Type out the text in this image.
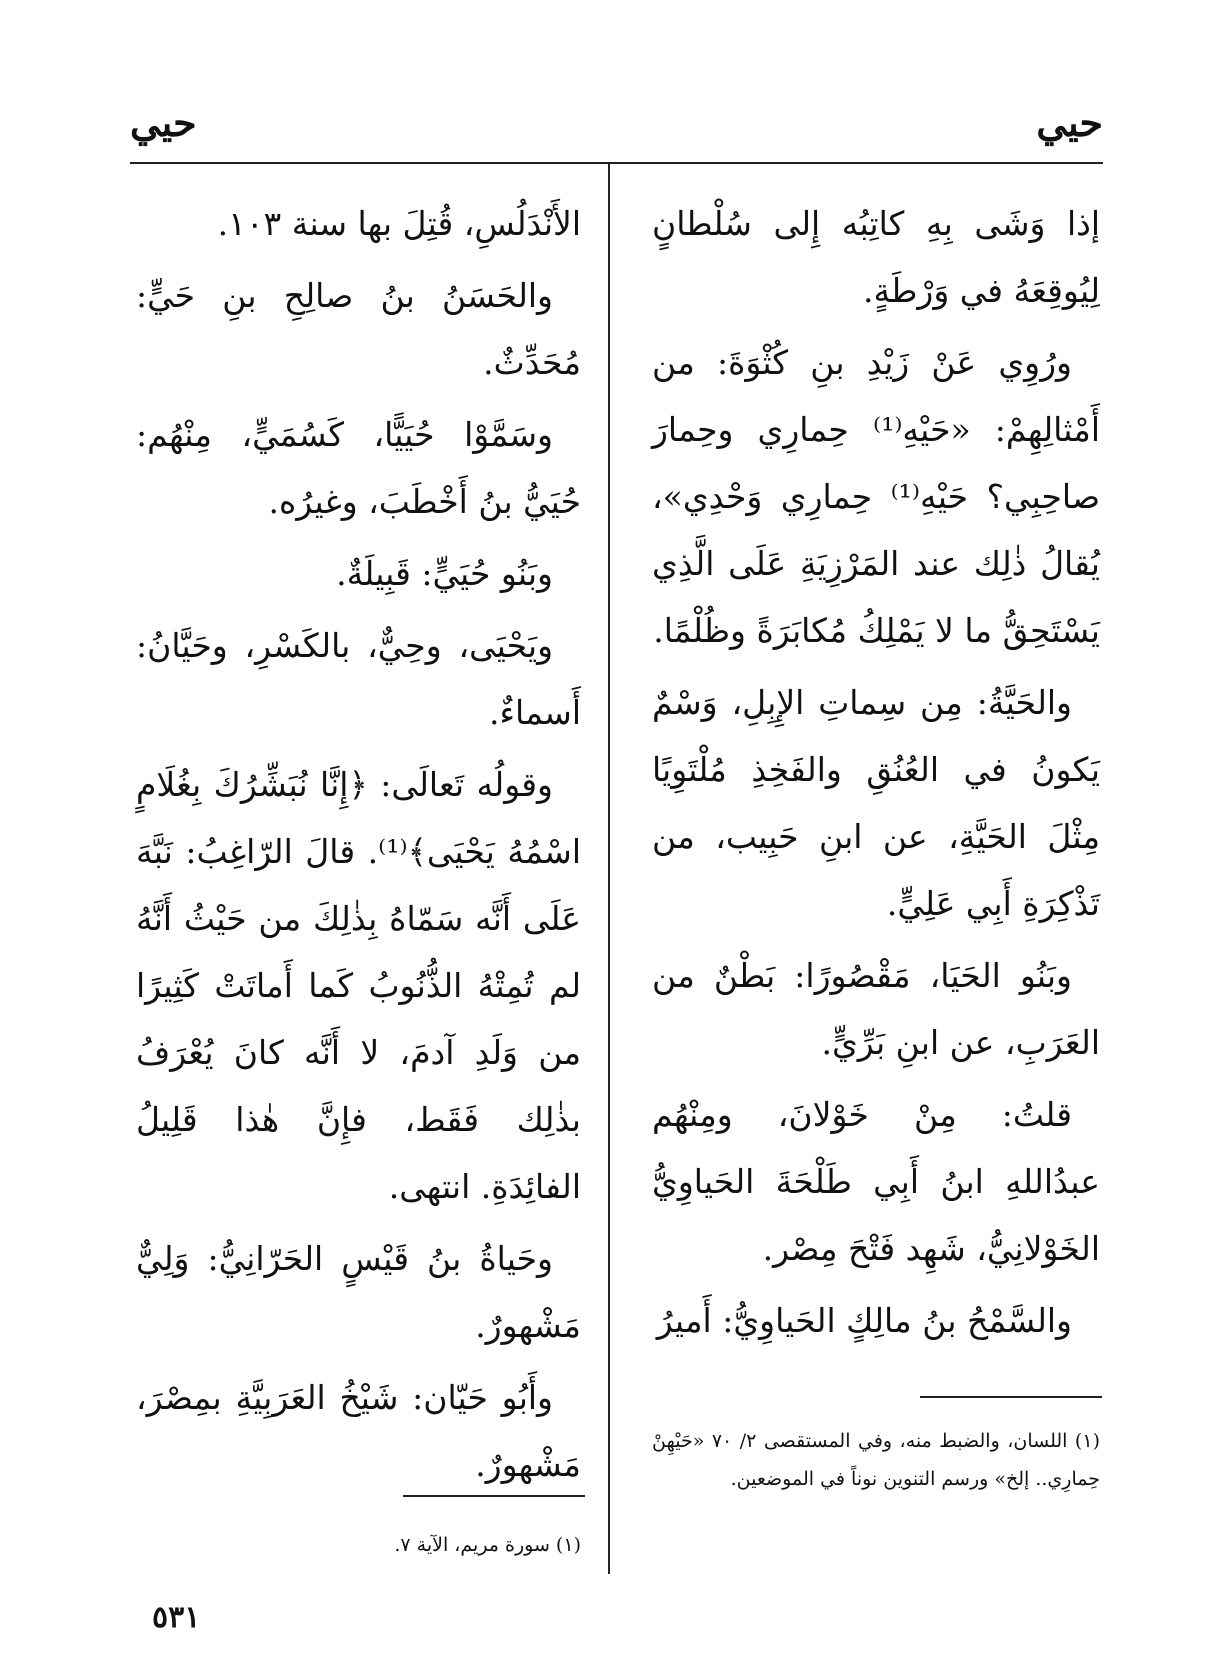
حيي
حيي

إذا وَشَى بِهِ كاتِبُه إِلى سُلْطانٍ لِيُوقِعَهُ في وَرْطَةٍ.

ورُوِي عَنْ زَيْدِ بنِ كُثْوَةَ: من أَمْثالِهِمْ: «حَيْهِ⁽¹⁾ حِمارِي وحِمارَ صاحِبِي؟ حَيْهِ⁽¹⁾ حِمارِي وَحْدِي»، يُقالُ ذٰلِك عند المَرْزِيَةِ عَلَى الَّذِي يَسْتَحِقُّ ما لا يَمْلِكُ مُكابَرَةً وظُلْمًا.

والحَيَّةُ: مِن سِماتِ الإِبِلِ، وَسْمٌ يَكونُ في العُنُقِ والفَخِذِ مُلْتَوِيًا مِثْلَ الحَيَّةِ، عن ابنِ حَبِيب، من تَذْكِرَةِ أَبِي عَلِيٍّ.

وبَنُو الحَيَا، مَقْصُورًا: بَطْنٌ من العَرَبِ، عن ابنِ بَرِّيٍّ.

قلتُ: مِنْ خَوْلانَ، ومِنْهُم عبدُاللهِ ابنُ أَبِي طَلْحَةَ الحَياوِيُّ الخَوْلانِيُّ، شَهِد فَتْحَ مِصْر.

والسَّمْحُ بنُ مالِكٍ الحَياوِيُّ: أَميرُ

(١) اللسان، والضبط منه، وفي المستقصى ٢/ ٧٠ «حَيْهِنْ حِمارِي.. إلخ» ورسم التنوين نوناً في الموضعين.

الأَنْدَلُسِ، قُتِلَ بها سنة ١٠٣.

والحَسَنُ بنُ صالِحِ بنِ حَيٍّ: مُحَدِّثٌ.

وسَمَّوْا حُيَيًّا، كَسُمَيٍّ، مِنْهُم: حُيَيُّ بنُ أَخْطَبَ، وغيرُه.

وبَنُو حُيَيٍّ: قَبِيلَةٌ.

ويَحْيَى، وحِيٌّ، بالكَسْرِ، وحَيَّانُ: أَسماءٌ.

وقولُه تَعالَى: ﴿إِنَّا نُبَشِّرُكَ بِغُلَامٍ اسْمُهُ يَحْيَى﴾⁽¹⁾. قالَ الرّاغِبُ: نَبَّهَ عَلَى أَنَّه سَمّاهُ بِذٰلِكَ من حَيْثُ أَنَّهُ لم تُمِتْهُ الذُّنُوبُ كَما أَماتَتْ كَثِيرًا من وَلَدِ آدمَ، لا أَنَّه كانَ يُعْرَفُ بذٰلِك فَقَط، فإِنَّ هٰذا قَلِيلُ الفائِدَةِ. انتهى.

وحَياةُ بنُ قَيْسٍ الحَرّانِيُّ: وَلِيٌّ مَشْهورٌ.

وأَبُو حَيّان: شَيْخُ العَرَبِيَّةِ بمِصْرَ، مَشْهورٌ.

(١) سورة مريم، الآية ٧.
٥٣١
